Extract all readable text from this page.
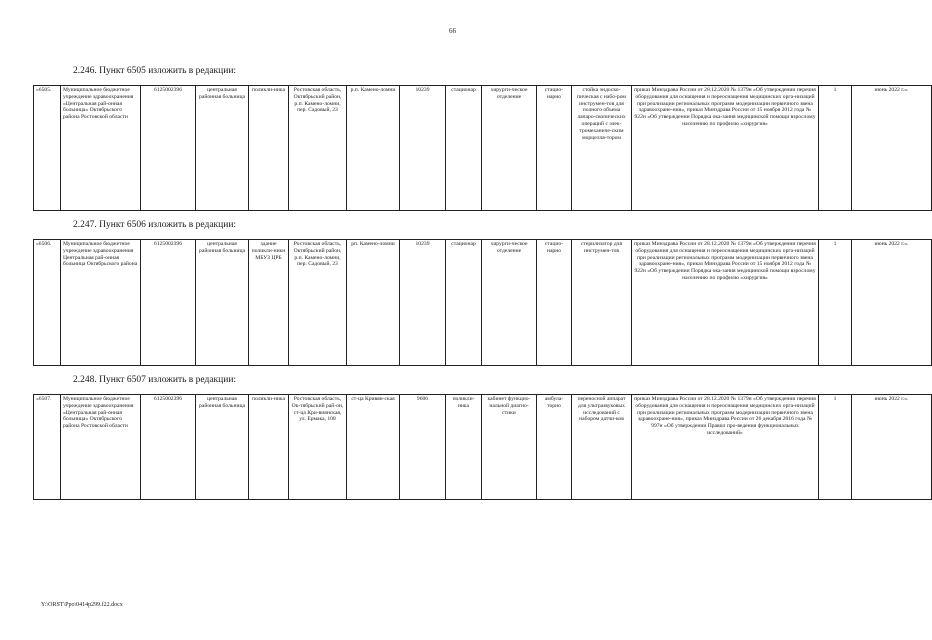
66
2.246. Пункт 6505 изложить в редакции:
«6505.	Муниципальное бюджетное учреждение здравоохранения «Центральная рай-онная больница» Октябрьского района Ростовской области	6125002396	центральная районная больница	поликли-ника	Ростовская область, Октябрьский район, р.п. Камено-ломни, пер. Садовый, 23	р.п. Камено-ломни	10239	стационар	хирурги-ческое отделение	стацио-нарно	стойка эндоско-пическая с набо-ром инструмен-тов для полного объема лапаро-скопических операций с элек-тромеханиче-ским морцелля-тором	приказ Минздрава России от 28.12.2020 № 1379н «Об утверждении перечня оборудования для оснащения и переоснащения медицинских орга-низаций при реализации региональных программ модернизации первичного звена здравоохране-ния», приказ Минздрава России от 15 ноября 2012 года № 922н «Об утверждении Порядка ока-зания медицинской помощи взрослому населению по профилю «хирургия»	1	июнь 2022 г.».
2.247. Пункт 6506 изложить в редакции:
«6506.	Муниципальное бюджетное учреждение здравоохранения Центральная рай-онная больница Октябрьского района	6125002396	центральная районная больница	здание поликли-ники МБУЗ ЦРБ	Ростовская область, Октябрьский район, р.п. Камено-ломни, пер. Садовый, 23	рп. Камено-ломни	10239	стационар	хирурги-ческое отделение	стацио-нарно	стерилизатор для инструмен-тов	приказ Минздрава России от 28.12.2020 № 1379н «Об утверждении перечня оборудования для оснащения и переоснащения медицинских орга-низаций при реализации региональных программ модернизации первичного звена здравоохране-ния», приказ Минздрава России от 15 ноября 2012 года № 922н «Об утверждении Порядка ока-зания медицинской помощи взрослому населению по профилю «хирургия»	1	июнь 2022 г.».
2.248. Пункт 6507 изложить в редакции:
«6507.	Муниципальное бюджетное учреждение здравоохранения «Центральная рай-онная больница» Октябрьского района Ростовской области	6125002396	центральная районная больница	поликли-ника	Ростовская область, Ок-тябрьский рай-он, ст-ца Кри-внянская, ул. Ермака, 108	ст-ца Кривян-ская	9606	поликли-ника	кабинет функцио-нальной диагно-стики	амбула-торно	переносной аппарат для ультразвуковых исследований с набором датчи-ков	приказ Минздрава России от 28.12.2020 № 1379н «Об утверждении перечня оборудования для оснащения и переоснащения медицинских орга-низаций при реализации региональных программ модернизации первичного звена здравоохране-ния», приказ Минздрава России от 26 декабря 2016 года № 997н «Об утверждении Правил про-ведения функциональных исследований»	1	июнь 2022 г.».
Y:\ORST\Ppo\0414p299.f22.docx
